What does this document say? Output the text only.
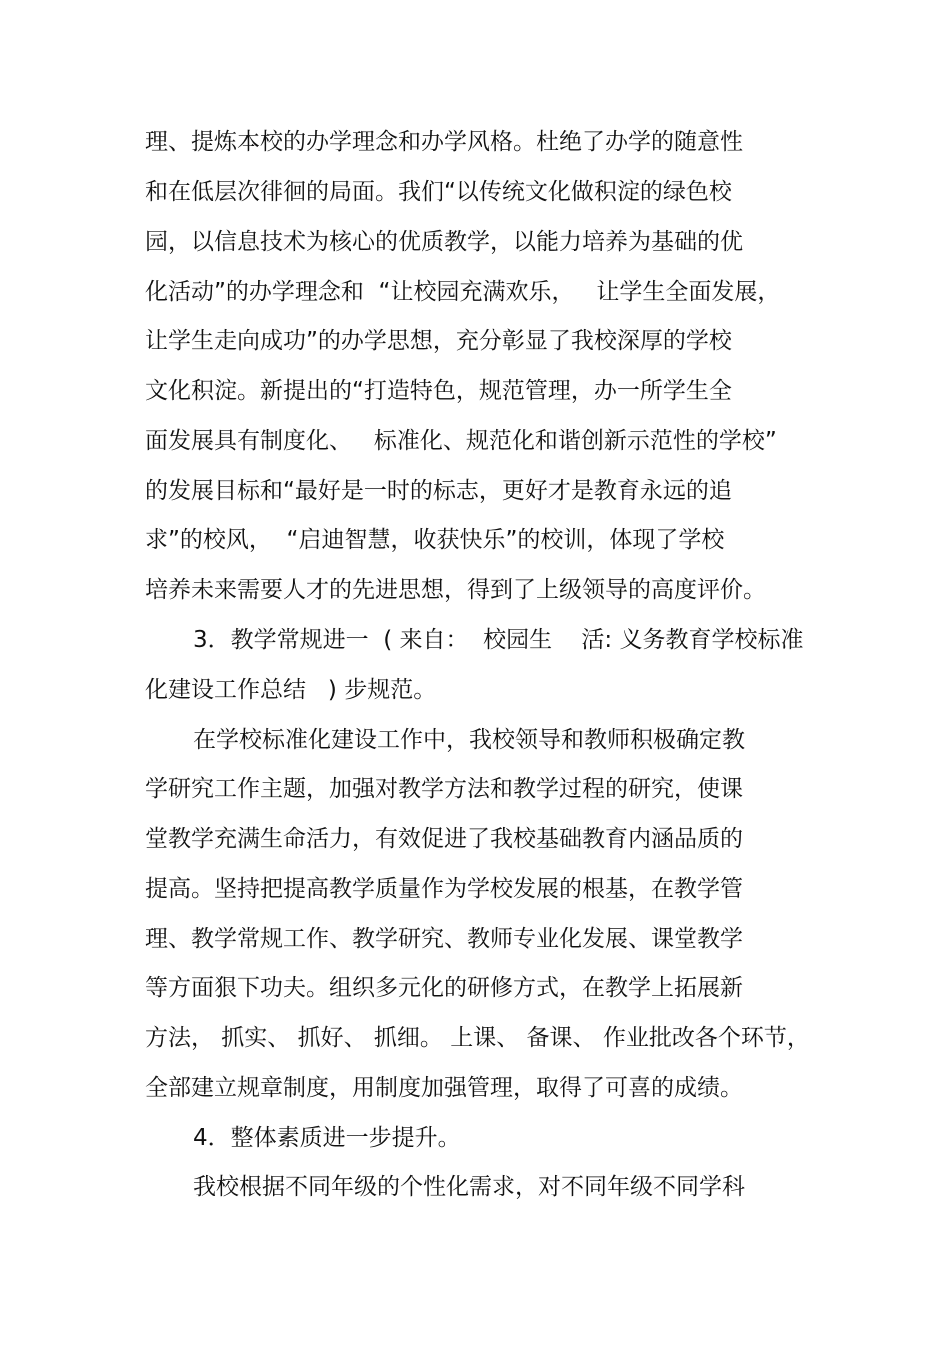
理、提炼本校的办学理念和办学风格。杜绝了办学的随意性
和在低层次徘徊的局面。我们“以传统文化做积淀的绿色校
园，以信息技术为核心的优质教学，以能力培养为基础的优
化活动”的办学理念和  “让校园充满欢乐，   让学生全面发展，
让学生走向成功”的办学思想，充分彰显了我校深厚的学校
文化积淀。新提出的“打造特色，规范管理，办一所学生全
面发展具有制度化、   标准化、规范化和谐创新示范性的学校”
的发展目标和“最好是一时的标志，更好才是教育永远的追
求”的校风，  “启迪智慧，收获快乐”的校训，体现了学校
培养未来需要人才的先进思想，得到了上级领导的高度评价。
3．教学常规进一  ( 来自：  校园生    活: 义务教育学校标准
化建设工作总结   ) 步规范。
在学校标准化建设工作中，我校领导和教师积极确定教
学研究工作主题，加强对教学方法和教学过程的研究，使课
堂教学充满生命活力，有效促进了我校基础教育内涵品质的
提高。坚持把提高教学质量作为学校发展的根基，在教学管
理、教学常规工作、教学研究、教师专业化发展、课堂教学
等方面狠下功夫。组织多元化的研修方式，在教学上拓展新
方法， 抓实、 抓好、 抓细。 上课、 备课、 作业批改各个环节，
全部建立规章制度，用制度加强管理，取得了可喜的成绩。
4．整体素质进一步提升。
我校根据不同年级的个性化需求，对不同年级不同学科
